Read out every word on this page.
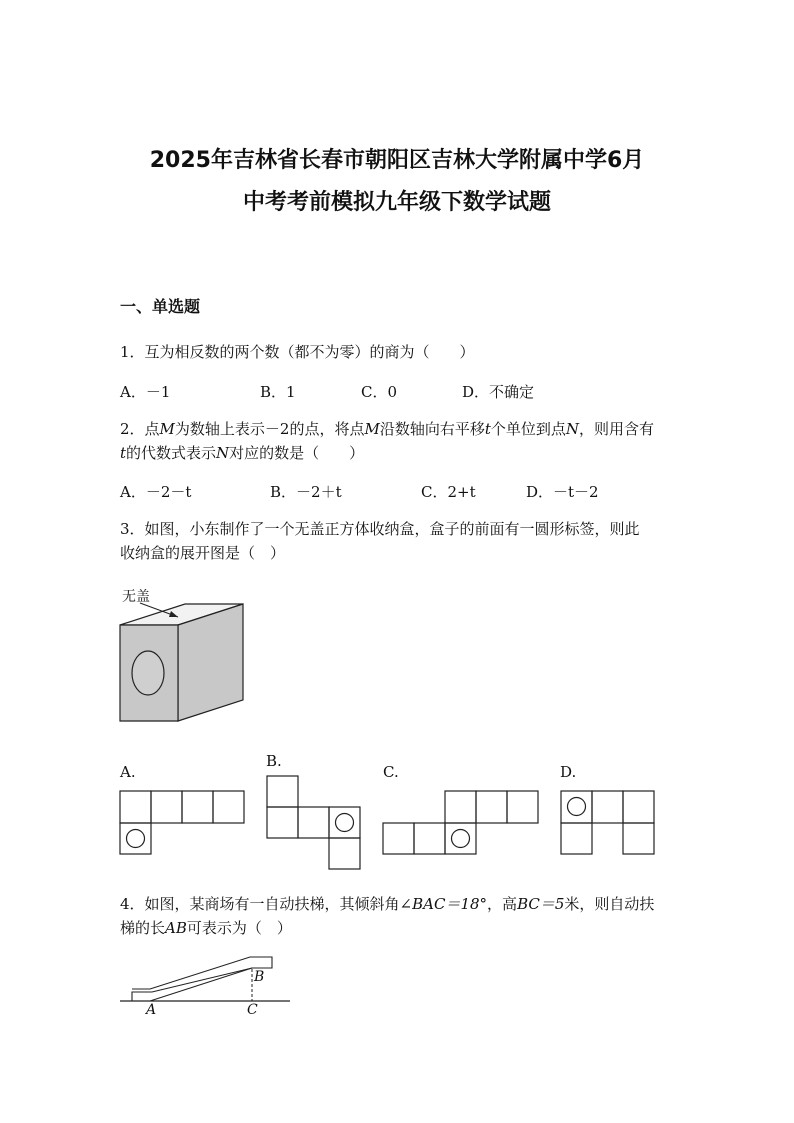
2025年吉林省长春市朝阳区吉林大学附属中学6月
中考考前模拟九年级下数学试题
一、单选题
1．互为相反数的两个数（都不为零）的商为（　　）
A．－1	B．1	C．0	D．不确定
2．点M为数轴上表示－2的点，将点M沿数轴向右平移t个单位到点N，则用含有
t的代数式表示N对应的数是（　　）
A．－2－t	B．－2＋t	C．2+t	D．－t－2
3．如图，小东制作了一个无盖正方体收纳盒，盒子的前面有一圆形标签，则此
收纳盒的展开图是（　）
无盖
A.
B.
C.	D.
4．如图，某商场有一自动扶梯，其倾斜角∠BAC＝18°，高BC＝5米，则自动扶
梯的长AB可表示为（　）
A
B
C
